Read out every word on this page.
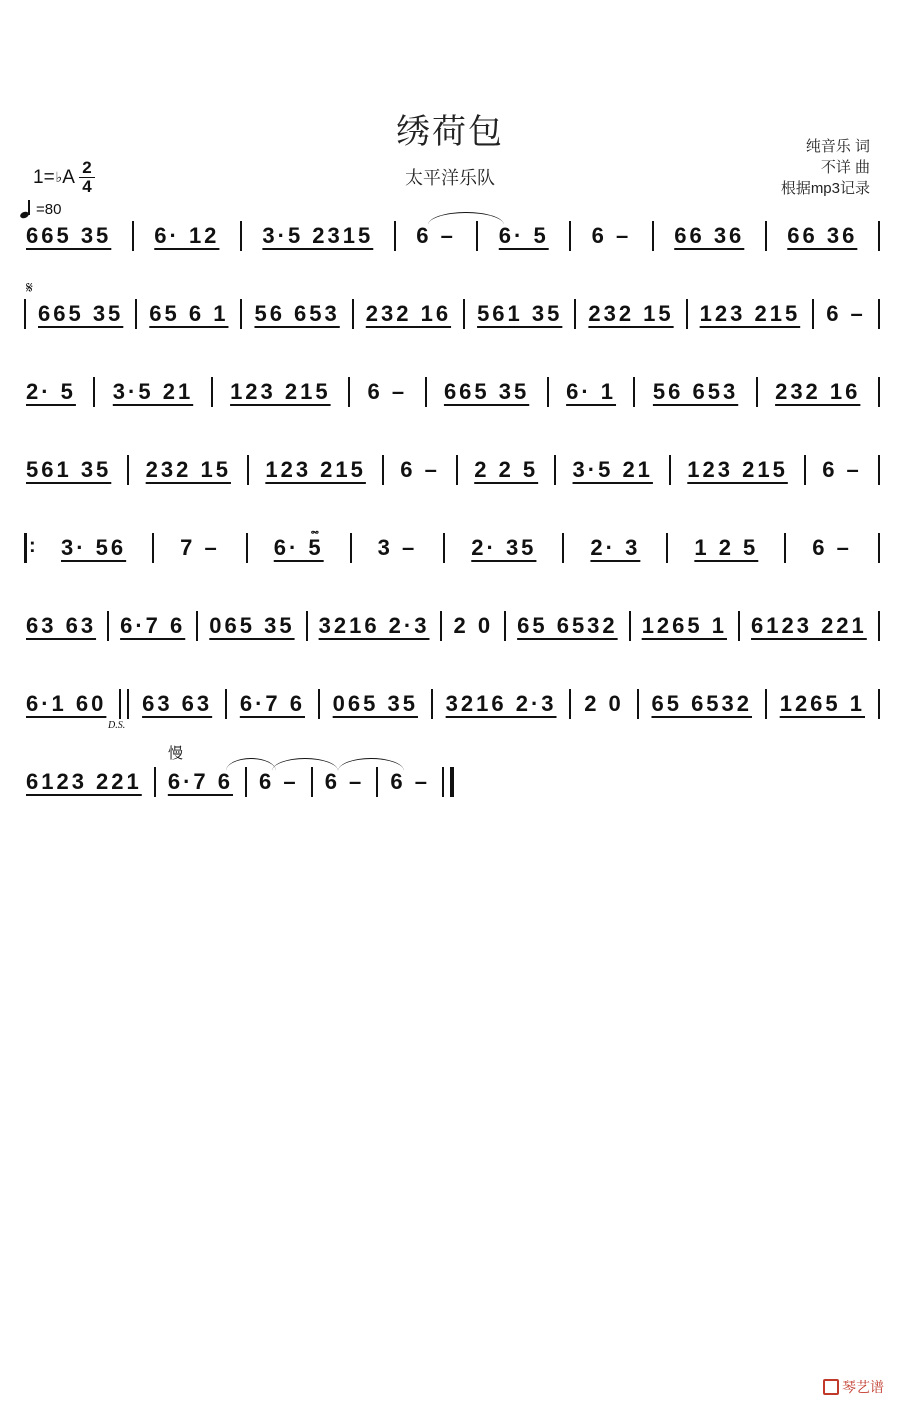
绣荷包
太平洋乐队
纯音乐 词
不详 曲
根据mp3记录
1= ♭ A 2
4
=80
𝄋
𝆗
D.S.
慢
665 35 6· 12 3·5 2315 6 – 6· 5 6 – 66 36 66 36
665 35 65 6 1 56 653 232 16 561 35 232 15 123 215 6 –
2· 5 3·5 21 123 215 6 – 665 35 6· 1 56 653 232 16
561 35 232 15 123 215 6 – 2 2 5 3·5 21 123 215 6 –
:
3· 56 7 – 6· 5 3 – 2· 35 2· 3 1 2 5 6 –
63 63 6·7 6 065 35 3216 2·3 2 0 65 6532 1265 1 6123 221
6·1 60 63 63 6·7 6 065 35 3216 2·3 2 0 65 6532 1265 1
6123 221 6·7 6 6 – 6 – 6 –
琴艺谱
